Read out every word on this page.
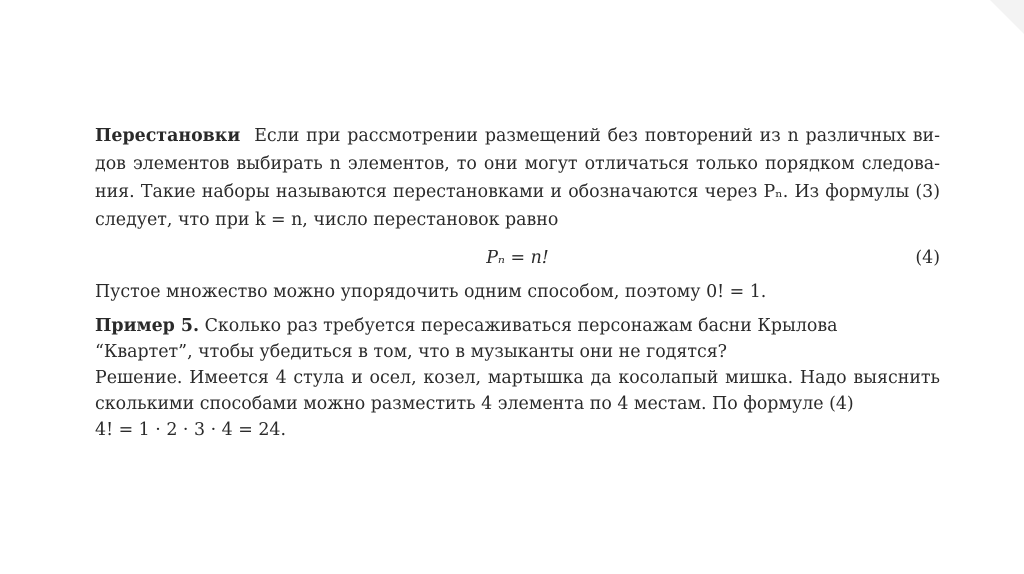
Перестановки Если при рассмотрении размещений без повторений из n различных ви-
дов элементов выбирать n элементов, то они могут отличаться только порядком следова-
ния. Такие наборы называются перестановками и обозначаются через Pₙ. Из формулы (3)
следует, что при k = n, число перестановок равно
Pₙ = n!	(4)
Пустое множество можно упорядочить одним способом, поэтому 0! = 1.
Пример 5. Сколько раз требуется пересаживаться персонажам басни Крылова
“Квартет”, чтобы убедиться в том, что в музыканты они не годятся?
Решение. Имеется 4 стула и осел, козел, мартышка да косолапый мишка. Надо выяснить
сколькими способами можно разместить 4 элемента по 4 местам. По формуле (4)
4! = 1 · 2 · 3 · 4 = 24.
